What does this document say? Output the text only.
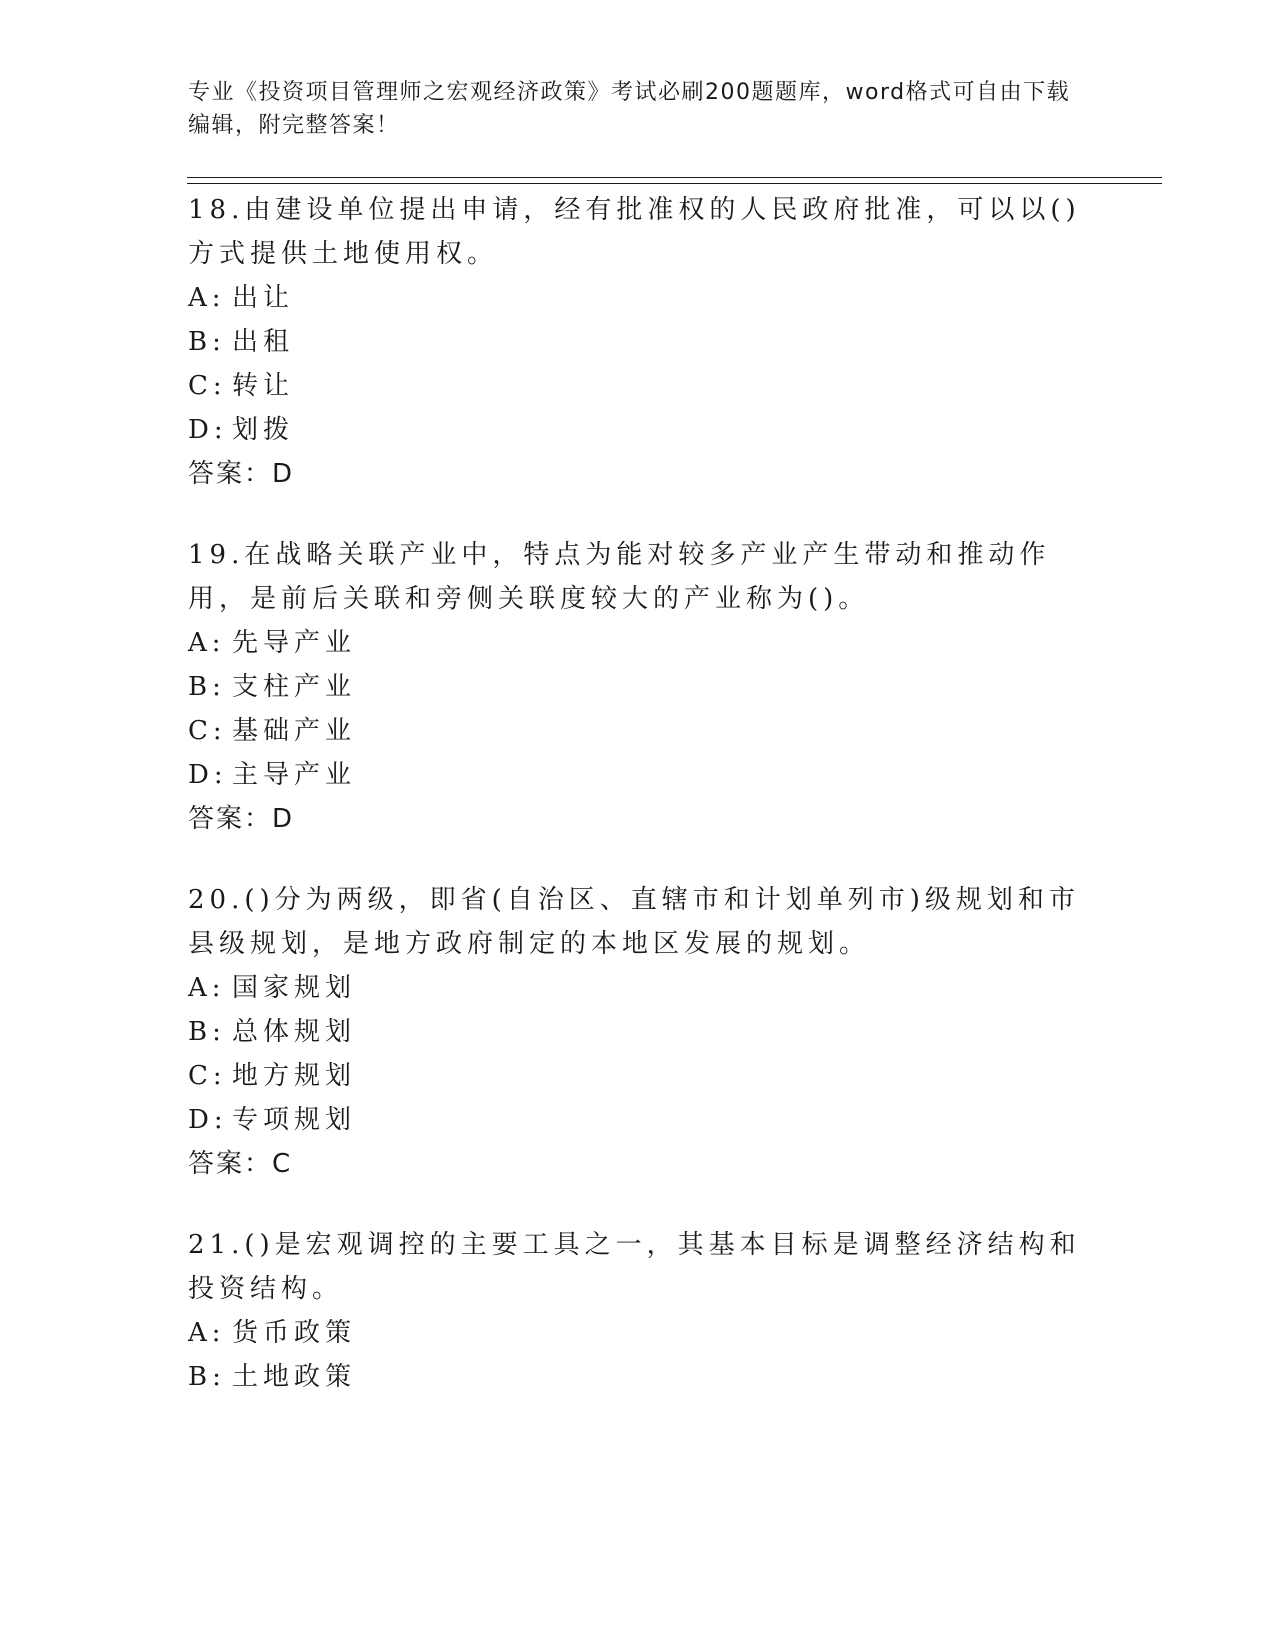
专业《投资项目管理师之宏观经济政策》考试必刷200题题库，word格式可自由下载编辑，附完整答案！

18.由建设单位提出申请，经有批准权的人民政府批准，可以以()方式提供土地使用权。

A: 出让

B: 出租

C: 转让

D: 划拨

答案：D

19.在战略关联产业中，特点为能对较多产业产生带动和推动作用，是前后关联和旁侧关联度较大的产业称为()。

A: 先导产业

B: 支柱产业

C: 基础产业

D: 主导产业

答案：D

20.()分为两级，即省(自治区、直辖市和计划单列市)级规划和市县级规划，是地方政府制定的本地区发展的规划。

A: 国家规划

B: 总体规划

C: 地方规划

D: 专项规划

答案：C

21.()是宏观调控的主要工具之一，其基本目标是调整经济结构和投资结构。

A: 货币政策

B: 土地政策
